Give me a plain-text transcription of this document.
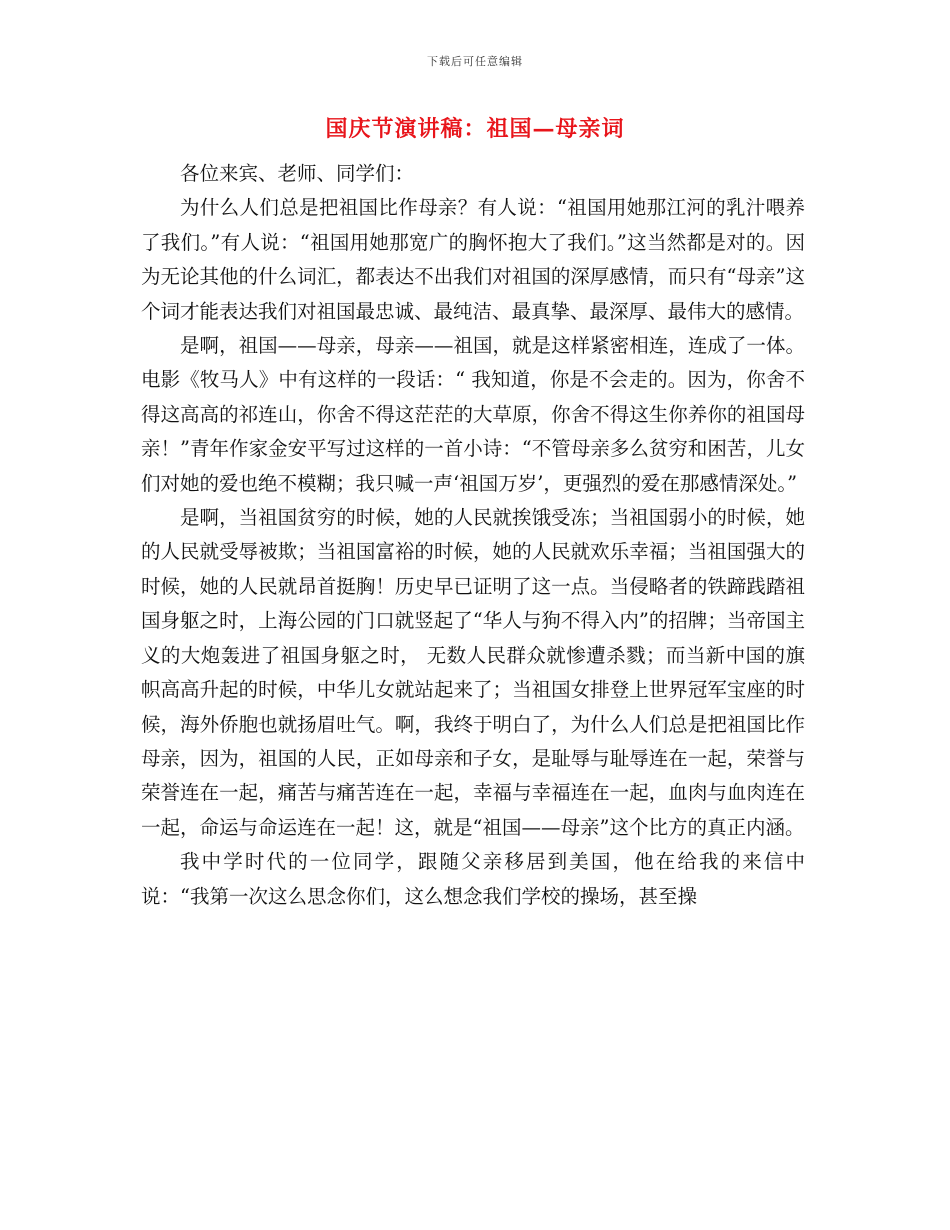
下载后可任意编辑
国庆节演讲稿：祖国—母亲词

各位来宾、老师、同学们：

为什么人们总是把祖国比作母亲？有人说：“祖国用她那江河的乳汁喂养了我们。”有人说：“祖国用她那宽广的胸怀抱大了我们。”这当然都是对的。因为无论其他的什么词汇，都表达不出我们对祖国的深厚感情，而只有“母亲”这个词才能表达我们对祖国最忠诚、最纯洁、最真挚、最深厚、最伟大的感情。

是啊，祖国——母亲，母亲——祖国，就是这样紧密相连，连成了一体。电影《牧马人》中有这样的一段话：“ 我知道，你是不会走的。因为，你舍不得这高高的祁连山，你舍不得这茫茫的大草原，你舍不得这生你养你的祖国母亲！”青年作家金安平写过这样的一首小诗：“不管母亲多么贫穷和困苦，儿女们对她的爱也绝不模糊；我只喊一声‘祖国万岁’，更强烈的爱在那感情深处。”

是啊，当祖国贫穷的时候，她的人民就挨饿受冻；当祖国弱小的时候，她的人民就受辱被欺；当祖国富裕的时候，她的人民就欢乐幸福；当祖国强大的时候，她的人民就昂首挺胸！历史早已证明了这一点。当侵略者的铁蹄践踏祖国身躯之时，上海公园的门口就竖起了“华人与狗不得入内”的招牌；当帝国主义的大炮轰进了祖国身躯之时， 无数人民群众就惨遭杀戮；而当新中国的旗帜高高升起的时候，中华儿女就站起来了；当祖国女排登上世界冠军宝座的时候，海外侨胞也就扬眉吐气。啊，我终于明白了，为什么人们总是把祖国比作母亲，因为，祖国的人民，正如母亲和子女，是耻辱与耻辱连在一起，荣誉与荣誉连在一起，痛苦与痛苦连在一起，幸福与幸福连在一起，血肉与血肉连在一起，命运与命运连在一起！这，就是“祖国——母亲”这个比方的真正内涵。

我中学时代的一位同学，跟随父亲移居到美国，他在给我的来信中说：“我第一次这么思念你们，这么想念我们学校的操场，甚至操
